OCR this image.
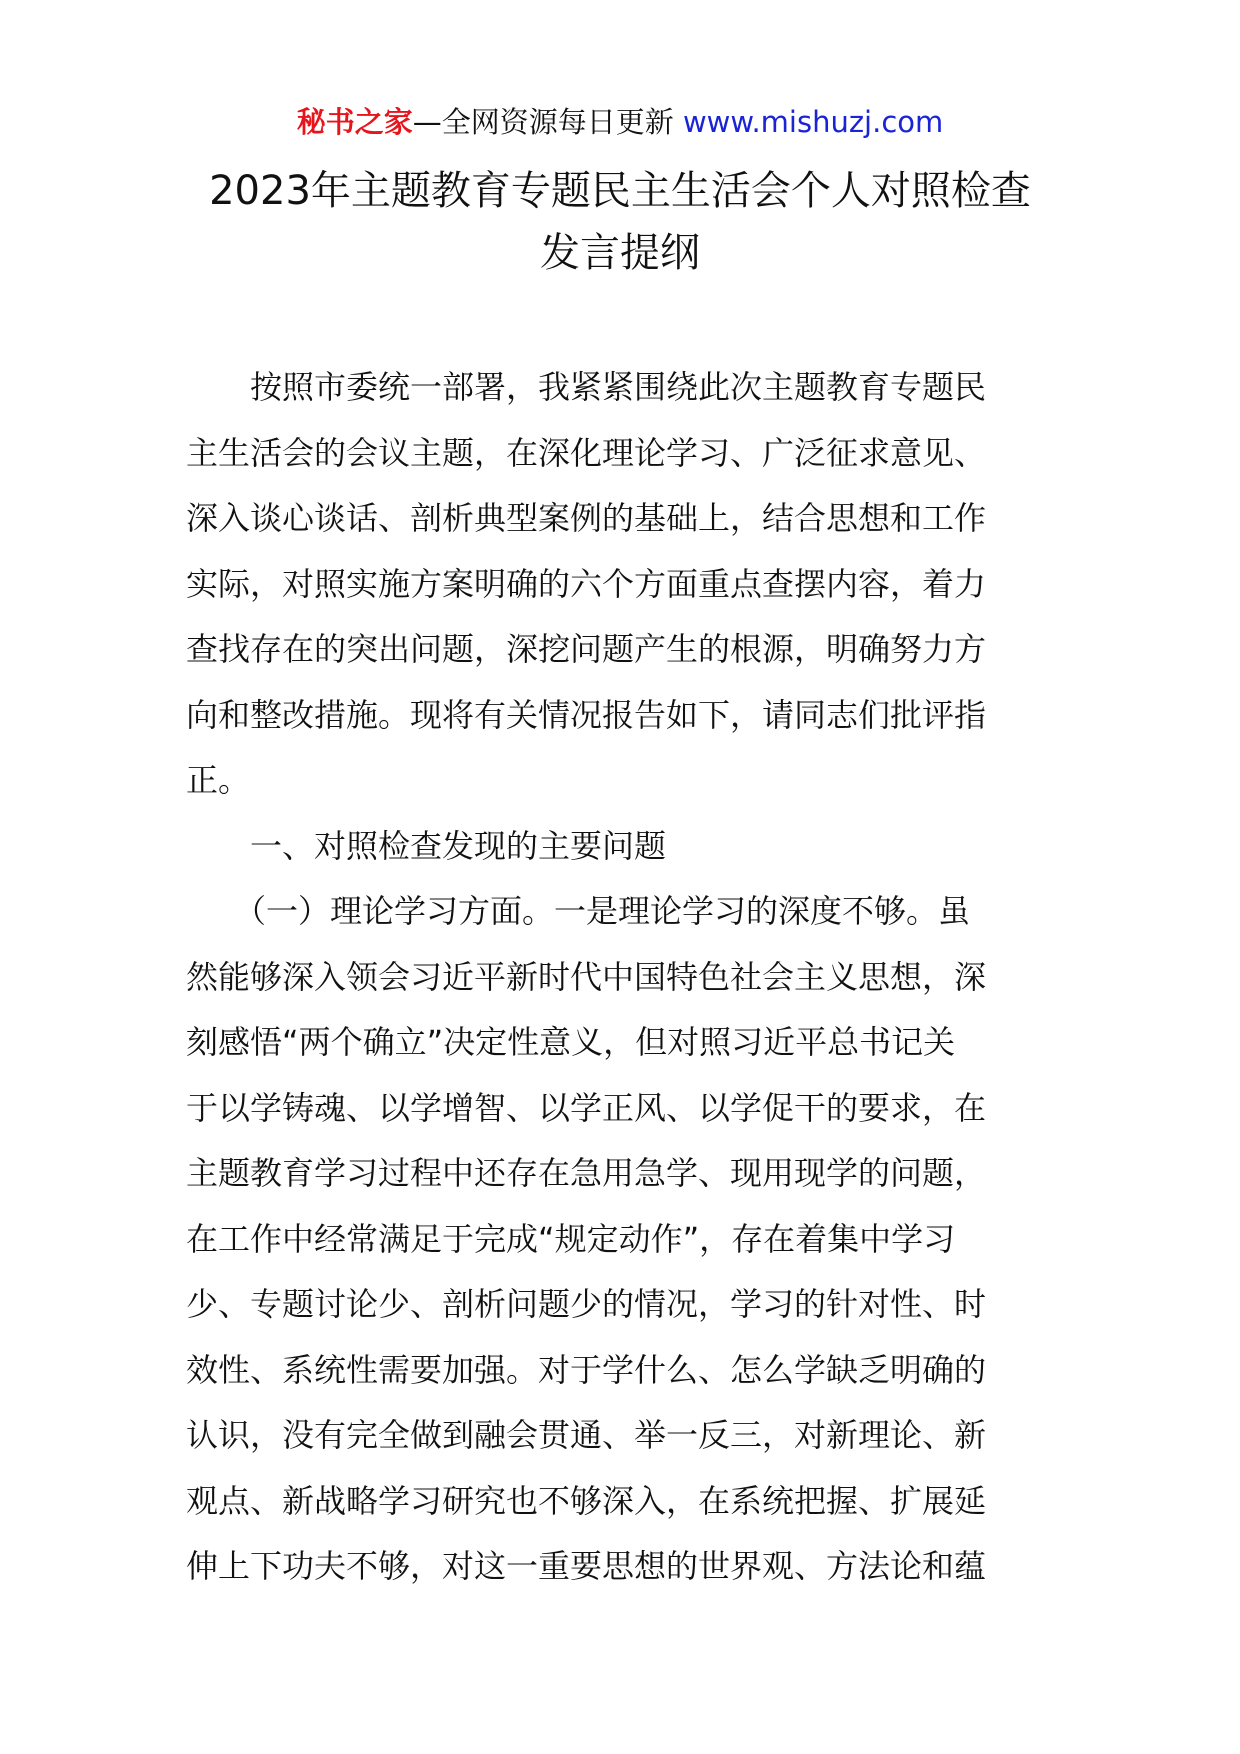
秘书之家—全网资源每日更新 www.mishuzj.com
2023年主题教育专题民主生活会个人对照检查
发言提纲
按照市委统一部署，我紧紧围绕此次主题教育专题民
主生活会的会议主题，在深化理论学习、广泛征求意见、
深入谈心谈话、剖析典型案例的基础上，结合思想和工作
实际，对照实施方案明确的六个方面重点查摆内容，着力
查找存在的突出问题，深挖问题产生的根源，明确努力方
向和整改措施。现将有关情况报告如下，请同志们批评指
正。
一、对照检查发现的主要问题
（一）理论学习方面。一是理论学习的深度不够。虽
然能够深入领会习近平新时代中国特色社会主义思想，深
刻感悟“两个确立”决定性意义，但对照习近平总书记关
于以学铸魂、以学增智、以学正风、以学促干的要求，在
主题教育学习过程中还存在急用急学、现用现学的问题，
在工作中经常满足于完成“规定动作”，存在着集中学习
少、专题讨论少、剖析问题少的情况，学习的针对性、时
效性、系统性需要加强。对于学什么、怎么学缺乏明确的
认识，没有完全做到融会贯通、举一反三，对新理论、新
观点、新战略学习研究也不够深入，在系统把握、扩展延
伸上下功夫不够，对这一重要思想的世界观、方法论和蕴
